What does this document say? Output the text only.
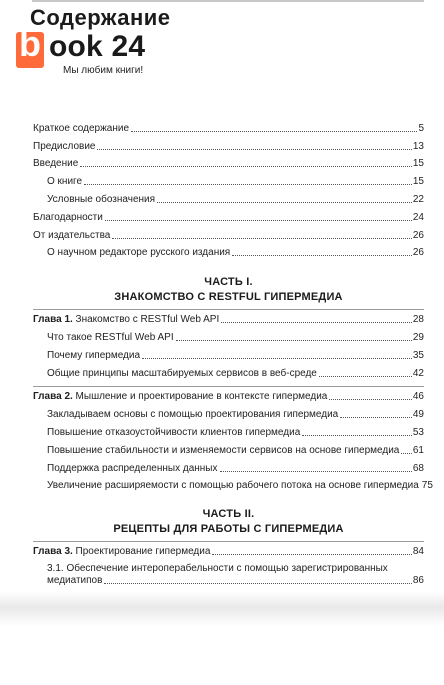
Содержание
b ook 24
Мы любим книги!
Краткое содержание	5
Предисловие	13
Введение	15
О книге	15
Условные обозначения	22
Благодарности	24
От издательства	26
О научном редакторе русского издания	26
ЧАСТЬ I.
ЗНАКОМСТВО С RESTFUL ГИПЕРМЕДИА
Глава 1. Знакомство с RESTful Web API	28
Что такое RESTful Web API	29
Почему гипермедиа	35
Общие принципы масштабируемых сервисов в веб-среде	42
Глава 2. Мышление и проектирование в контексте гипермедиа	46
Закладываем основы с помощью проектирования гипермедиа	49
Повышение отказоустойчивости клиентов гипермедиа	53
Повышение стабильности и изменяемости сервисов на основе гипермедиа 61
Поддержка распределенных данных	68
Увеличение расширяемости с помощью рабочего потока на основе гипермедиа 75
ЧАСТЬ II.
РЕЦЕПТЫ ДЛЯ РАБОТЫ С ГИПЕРМЕДИА
Глава 3. Проектирование гипермедиа	84
3.1. Обеспечение интероперабельности с помощью зарегистрированных
медиатипов	86
